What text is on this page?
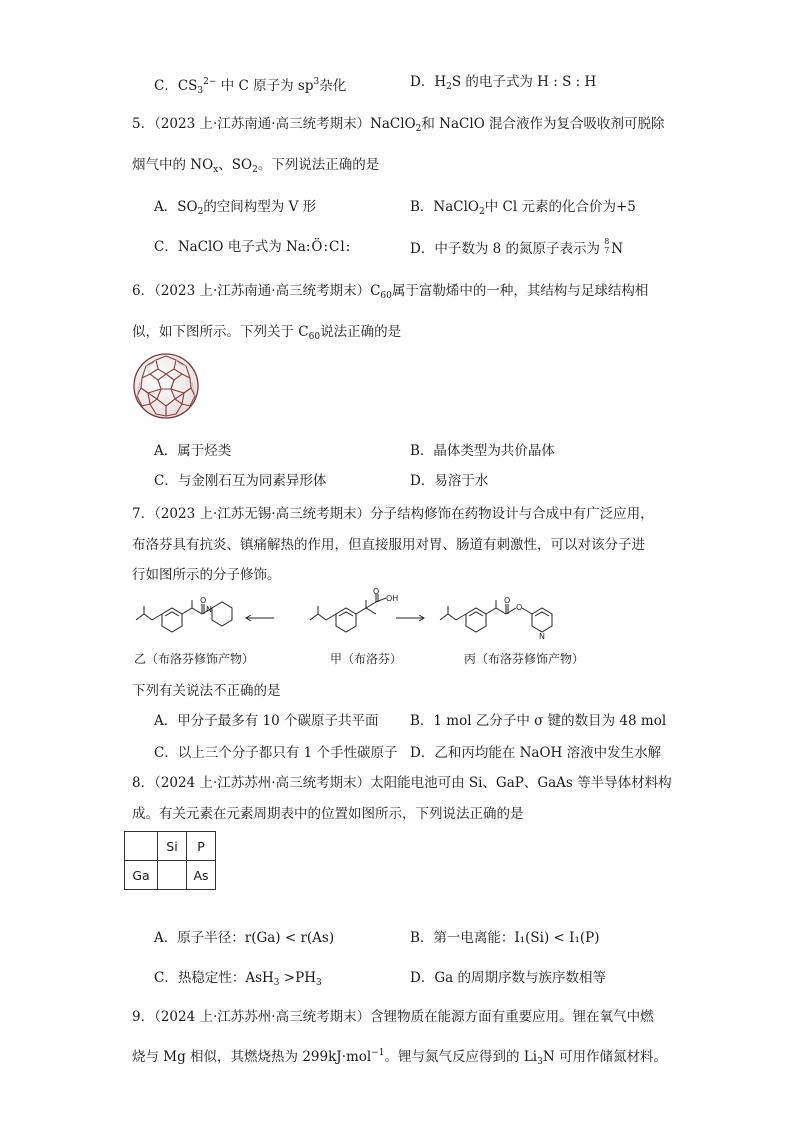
C．$CS_3^{2-}$ 中 C 原子为 $sp^3$杂化	D．$H_2S$ 的电子式为 H : S : H
5．（2023 上·江苏南通·高三统考期末）NaClO$_2$和 NaClO 混合液作为复合吸收剂可脱除
烟气中的 $NO_x$、$SO_2$。下列说法正确的是
A．$SO_2$的空间构型为 V 形	B．NaClO$_2$中 Cl 元素的化合价为+5
C．NaClO 电子式为 Na:Ö:Cl:	D．中子数为 8 的氮原子表示为 8
7 N
6．（2023 上·江苏南通·高三统考期末）$C_{60}$属于富勒烯中的一种，其结构与足球结构相
似，如下图所示。下列关于 $C_{60}$说法正确的是
A．属于烃类	B．晶体类型为共价晶体
C．与金刚石互为同素异形体	D．易溶于水
7．（2023 上·江苏无锡·高三统考期末）分子结构修饰在药物设计与合成中有广泛应用，
布洛芬具有抗炎、镇痛解热的作用，但直接服用对胃、肠道有刺激性，可以对该分子进
行如图所示的分子修饰。
O
N
O
OH	O
O
N
乙（布洛芬修饰产物）	甲（布洛芬）	丙（布洛芬修饰产物）
下列有关说法不正确的是
A．甲分子最多有 10 个碳原子共平面 B．1 mol 乙分子中 σ 键的数目为 48 mol
C．以上三个分子都只有 1 个手性碳原子 D．乙和丙均能在 NaOH 溶液中发生水解
8．（2024 上·江苏苏州·高三统考期末）太阳能电池可由 Si、GaP、GaAs 等半导体材料构
成。有关元素在元素周期表中的位置如图所示，下列说法正确的是
	Si	P
Ga		As
A．原子半径：r(Ga) < r(As)	B．第一电离能：I₁(Si) < I₁(P)
C．热稳定性：$AsH_3 >PH_3$	D．Ga 的周期序数与族序数相等
9．（2024 上·江苏苏州·高三统考期末）含锂物质在能源方面有重要应用。锂在氧气中燃
烧与 Mg 相似，其燃烧热为 299kJ·mol$^{-1}$。锂与氮气反应得到的 $Li_3N$ 可用作储氮材料。
